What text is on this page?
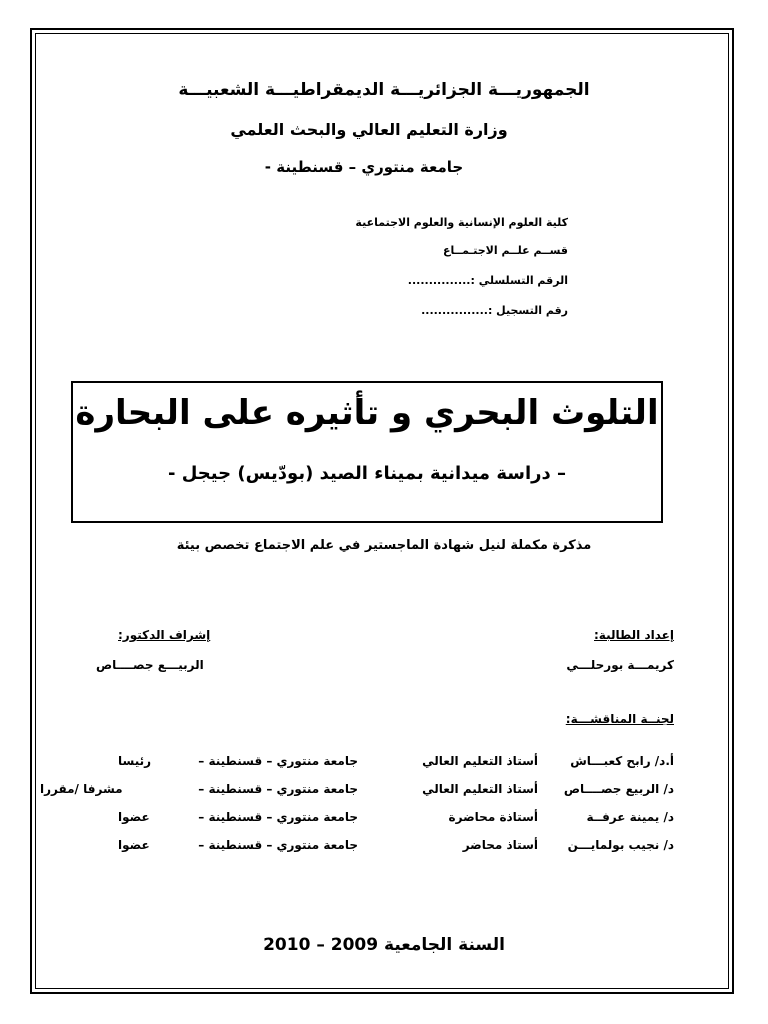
الجمهوريـــة الجزائريـــة الديمقراطيـــة الشعبيـــة
وزارة التعليم العالي والبحث العلمي
جامعة منتوري – قسنطينة -
كلية العلوم الإنسانية والعلوم الاجتماعية
قســم علــم الاجتـمــاع
الرقم التسلسلي :...............
رقم التسجيل :................
التلوث البحري و تأثيره على البحارة
– دراسة ميدانية بميناء الصيد (بودّيس) جيجل -
مذكرة مكملة لنيل شهادة الماجستير في علم الاجتماع تخصص بيئة
إعداد الطالبة:
كريمـــة بورحلـــي
إشراف الدكتور:
الربيـــع جصــــاص
لجنــة المناقشـــة:
أ.د/ رابح كعبـــاش
أستاذ التعليم العالي
جامعة منتوري – قسنطينة –
رئيسا
د/ الربيع جصــــاص
أستاذ التعليم العالي
جامعة منتوري – قسنطينة –
مشرفا /مقررا
د/ يمينة عرفــة
أستاذة محاضرة
جامعة منتوري – قسنطينة –
عضوا
د/ نجيب بولمايـــن
أستاذ محاضر
جامعة منتوري – قسنطينة –
عضوا
السنة الجامعية 2009 – 2010
